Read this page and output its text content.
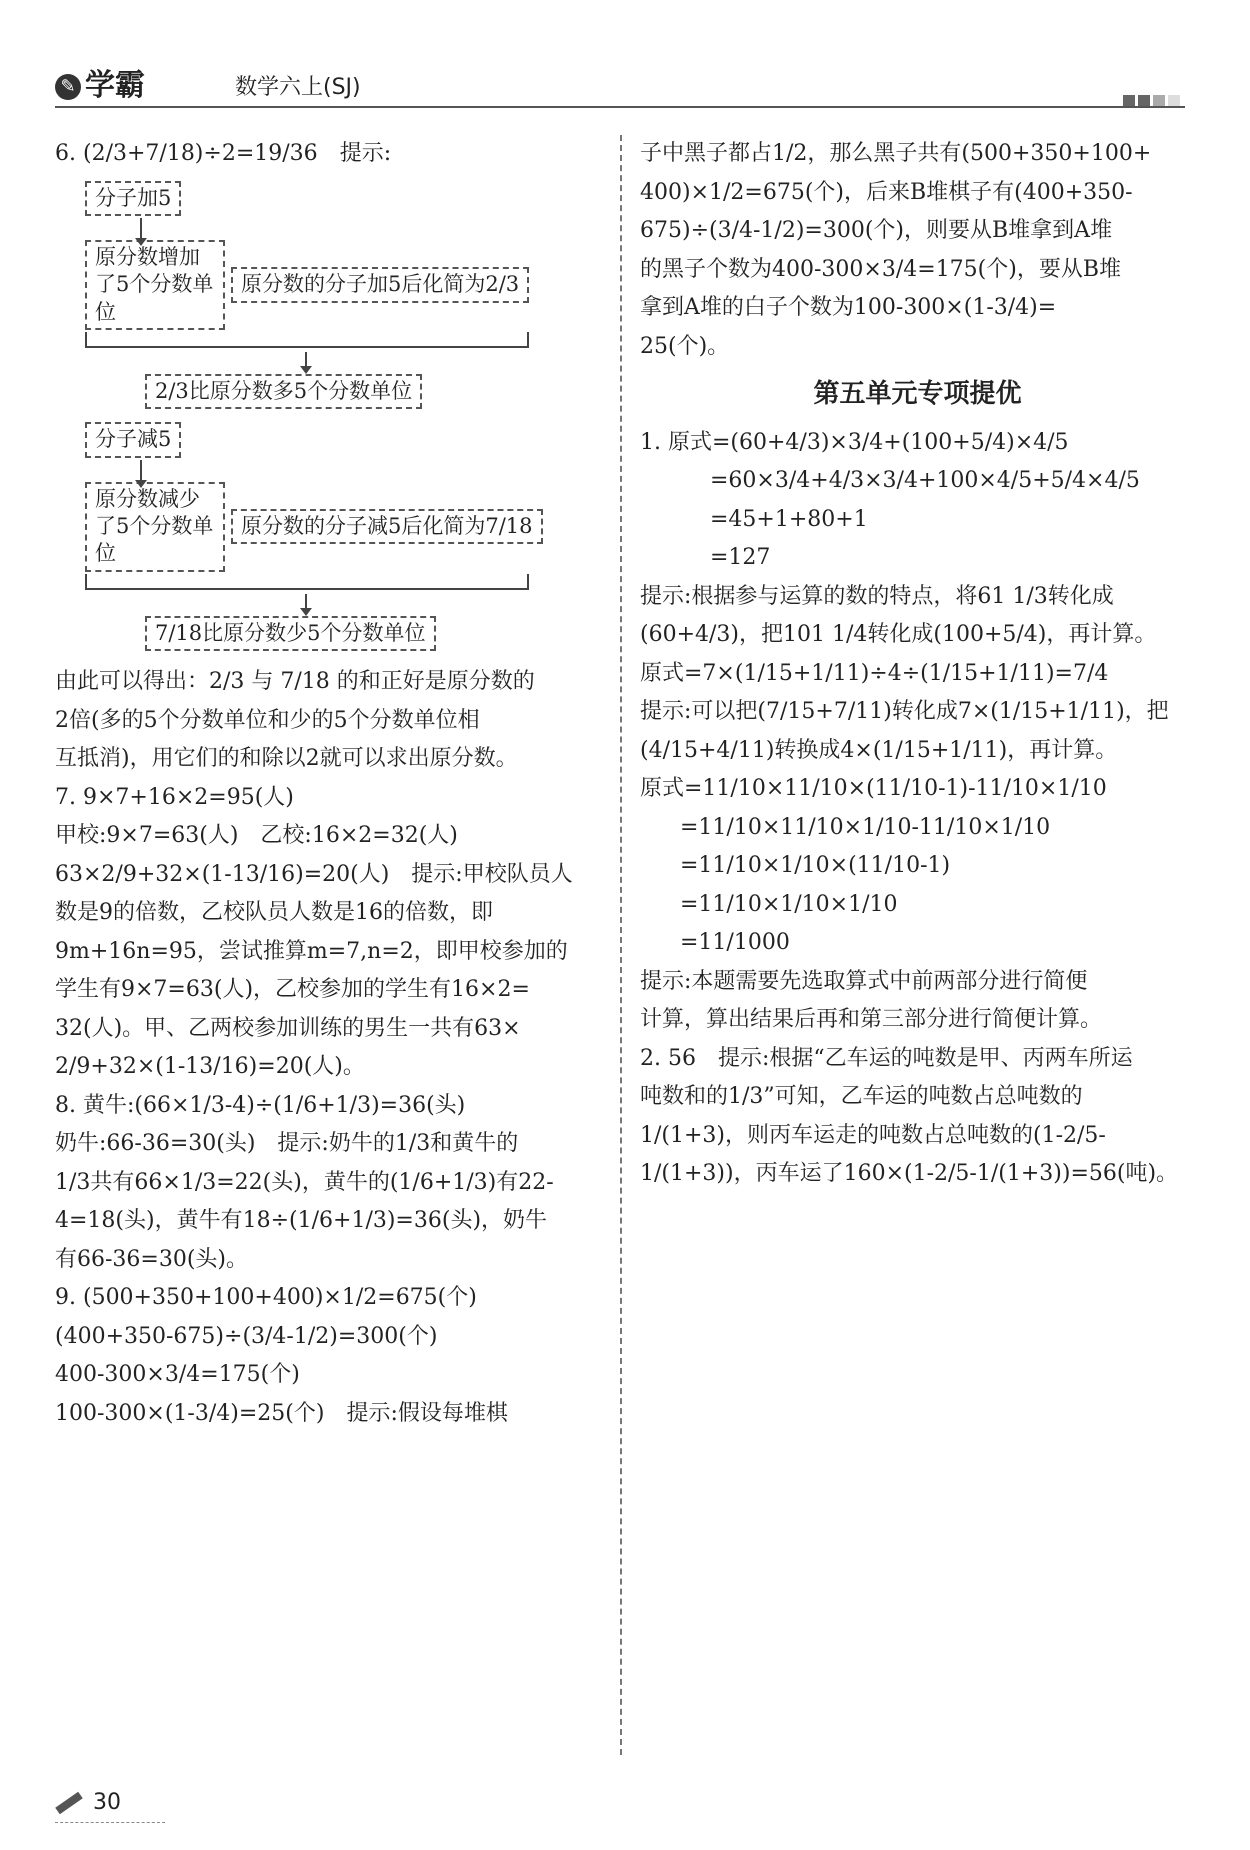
✎ 学霸	数学六上(SJ)
6. (2/3+7/18)÷2=19/36　 提示:
分子加5
原分数增加了5个分数单位
原分数的分子加5后化简为2/3
2/3比原分数多5个分数单位
分子减5
原分数减少了5个分数单位
原分数的分子减5后化简为7/18
7/18比原分数少5个分数单位
由此可以得出：2/3 与 7/18 的和正好是原分数的
2倍(多的5个分数单位和少的5个分数单位相
互抵消)，用它们的和除以2就可以求出原分数。
7. 9×7+16×2=95(人)
甲校:9×7=63(人)　乙校:16×2=32(人)
63×2/9+32×(1-13/16)=20(人)　提示:甲校队员人
数是9的倍数，乙校队员人数是16的倍数，即
9m+16n=95，尝试推算m=7,n=2，即甲校参加的
学生有9×7=63(人)，乙校参加的学生有16×2=
32(人)。甲、乙两校参加训练的男生一共有63×
2/9+32×(1-13/16)=20(人)。
8. 黄牛:(66×1/3-4)÷(1/6+1/3)=36(头)
奶牛:66-36=30(头)　提示:奶牛的1/3和黄牛的
1/3共有66×1/3=22(头)，黄牛的(1/6+1/3)有22-
4=18(头)，黄牛有18÷(1/6+1/3)=36(头)，奶牛
有66-36=30(头)。
9. (500+350+100+400)×1/2=675(个)
(400+350-675)÷(3/4-1/2)=300(个)
400-300×3/4=175(个)
100-300×(1-3/4)=25(个)　提示:假设每堆棋
子中黑子都占1/2，那么黑子共有(500+350+100+
400)×1/2=675(个)，后来B堆棋子有(400+350-
675)÷(3/4-1/2)=300(个)，则要从B堆拿到A堆
的黑子个数为400-300×3/4=175(个)，要从B堆
拿到A堆的白子个数为100-300×(1-3/4)=
25(个)。
第五单元专项提优
1. 原式=(60+4/3)×3/4+(100+5/4)×4/5
=60×3/4+4/3×3/4+100×4/5+5/4×4/5
=45+1+80+1
=127
提示:根据参与运算的数的特点，将61 1/3转化成
(60+4/3)，把101 1/4转化成(100+5/4)，再计算。
原式=7×(1/15+1/11)÷4÷(1/15+1/11)=7/4
提示:可以把(7/15+7/11)转化成7×(1/15+1/11)，把
(4/15+4/11)转换成4×(1/15+1/11)，再计算。
原式=11/10×11/10×(11/10-1)-11/10×1/10
=11/10×11/10×1/10-11/10×1/10
=11/10×1/10×(11/10-1)
=11/10×1/10×1/10
=11/1000
提示:本题需要先选取算式中前两部分进行简便
计算，算出结果后再和第三部分进行简便计算。
2. 56　提示:根据“乙车运的吨数是甲、丙两车所运
吨数和的1/3”可知，乙车运的吨数占总吨数的
1/(1+3)，则丙车运走的吨数占总吨数的(1-2/5-
1/(1+3))，丙车运了160×(1-2/5-1/(1+3))=56(吨)。
30
